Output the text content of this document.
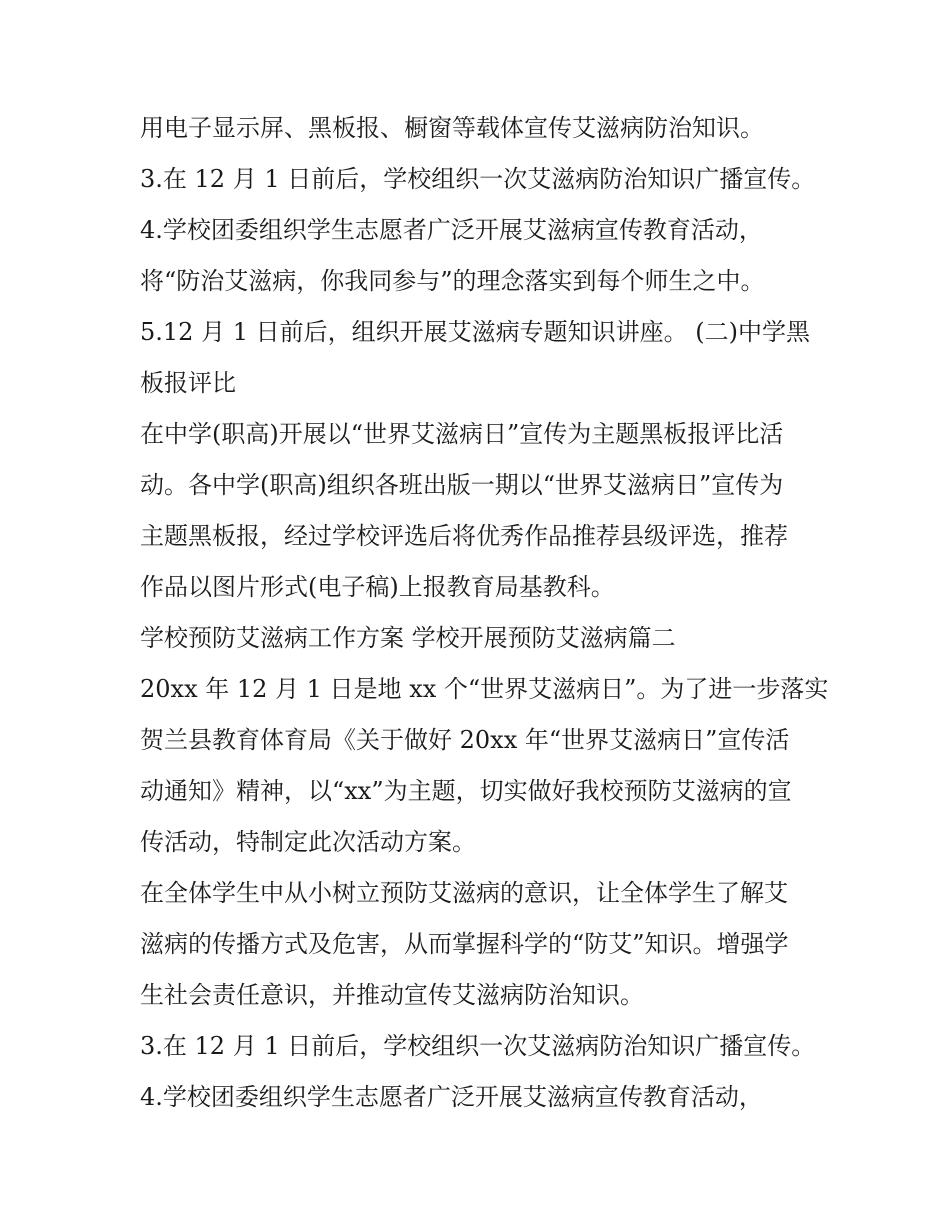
用电子显示屏、黑板报、橱窗等载体宣传艾滋病防治知识。

3.在 12 月 1 日前后，学校组织一次艾滋病防治知识广播宣传。

4.学校团委组织学生志愿者广泛开展艾滋病宣传教育活动，

将“防治艾滋病，你我同参与”的理念落实到每个师生之中。

5.12 月 1 日前后，组织开展艾滋病专题知识讲座。 (二)中学黑

板报评比

在中学(职高)开展以“世界艾滋病日”宣传为主题黑板报评比活

动。各中学(职高)组织各班出版一期以“世界艾滋病日”宣传为

主题黑板报，经过学校评选后将优秀作品推荐县级评选，推荐

作品以图片形式(电子稿)上报教育局基教科。

学校预防艾滋病工作方案 学校开展预防艾滋病篇二

20xx 年 12 月 1 日是地 xx 个“世界艾滋病日”。为了进一步落实

贺兰县教育体育局《关于做好 20xx 年“世界艾滋病日”宣传活

动通知》精神，以“xx”为主题，切实做好我校预防艾滋病的宣

传活动，特制定此次活动方案。

在全体学生中从小树立预防艾滋病的意识，让全体学生了解艾

滋病的传播方式及危害，从而掌握科学的“防艾”知识。增强学

生社会责任意识，并推动宣传艾滋病防治知识。

3.在 12 月 1 日前后，学校组织一次艾滋病防治知识广播宣传。

4.学校团委组织学生志愿者广泛开展艾滋病宣传教育活动，
